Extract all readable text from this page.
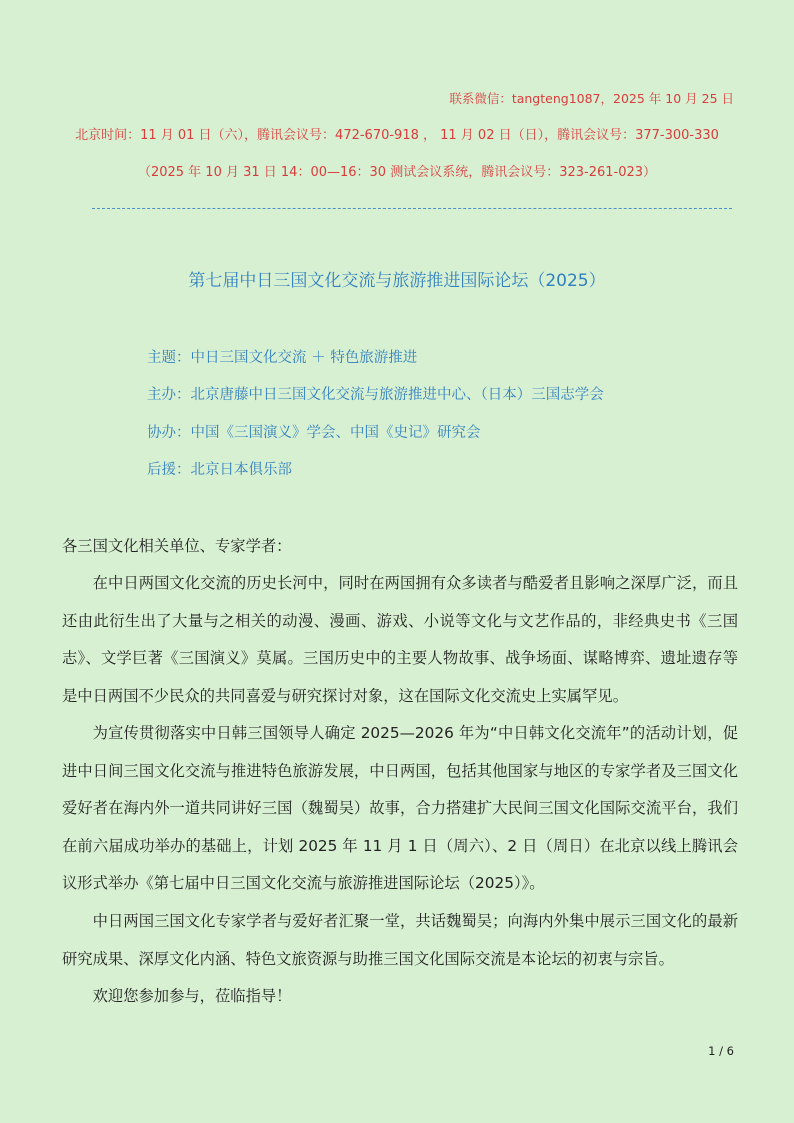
联系微信：tangteng1087，2025 年 10 月 25 日
北京时间：11 月 01 日（六），腾讯会议号：472-670-918 ， 11 月 02 日（日），腾讯会议号：377-300-330
（2025 年 10 月 31 日 14：00—16：30 测试会议系统，腾讯会议号：323-261-023）
第七届中日三国文化交流与旅游推进国际论坛（2025）
主题：中日三国文化交流 ＋ 特色旅游推进
主办：北京唐藤中日三国文化交流与旅游推进中心、（日本）三国志学会
协办：中国《三国演义》学会、中国《史记》研究会
后援：北京日本俱乐部
各三国文化相关单位、专家学者：

在中日两国文化交流的历史长河中，同时在两国拥有众多读者与酷爱者且影响之深厚广泛，而且还由此衍生出了大量与之相关的动漫、漫画、游戏、小说等文化与文艺作品的，非经典史书《三国志》、文学巨著《三国演义》莫属。三国历史中的主要人物故事、战争场面、谋略博弈、遗址遗存等是中日两国不少民众的共同喜爱与研究探讨对象，这在国际文化交流史上实属罕见。

为宣传贯彻落实中日韩三国领导人确定 2025—2026 年为“中日韩文化交流年”的活动计划，促进中日间三国文化交流与推进特色旅游发展，中日两国，包括其他国家与地区的专家学者及三国文化爱好者在海内外一道共同讲好三国（魏蜀吴）故事，合力搭建扩大民间三国文化国际交流平台，我们在前六届成功举办的基础上，计划 2025 年 11 月 1 日（周六）、2 日（周日）在北京以线上腾讯会议形式举办《第七届中日三国文化交流与旅游推进国际论坛（2025）》。

中日两国三国文化专家学者与爱好者汇聚一堂，共话魏蜀吴；向海内外集中展示三国文化的最新研究成果、深厚文化内涵、特色文旅资源与助推三国文化国际交流是本论坛的初衷与宗旨。

欢迎您参加参与，莅临指导！

1 / 6
